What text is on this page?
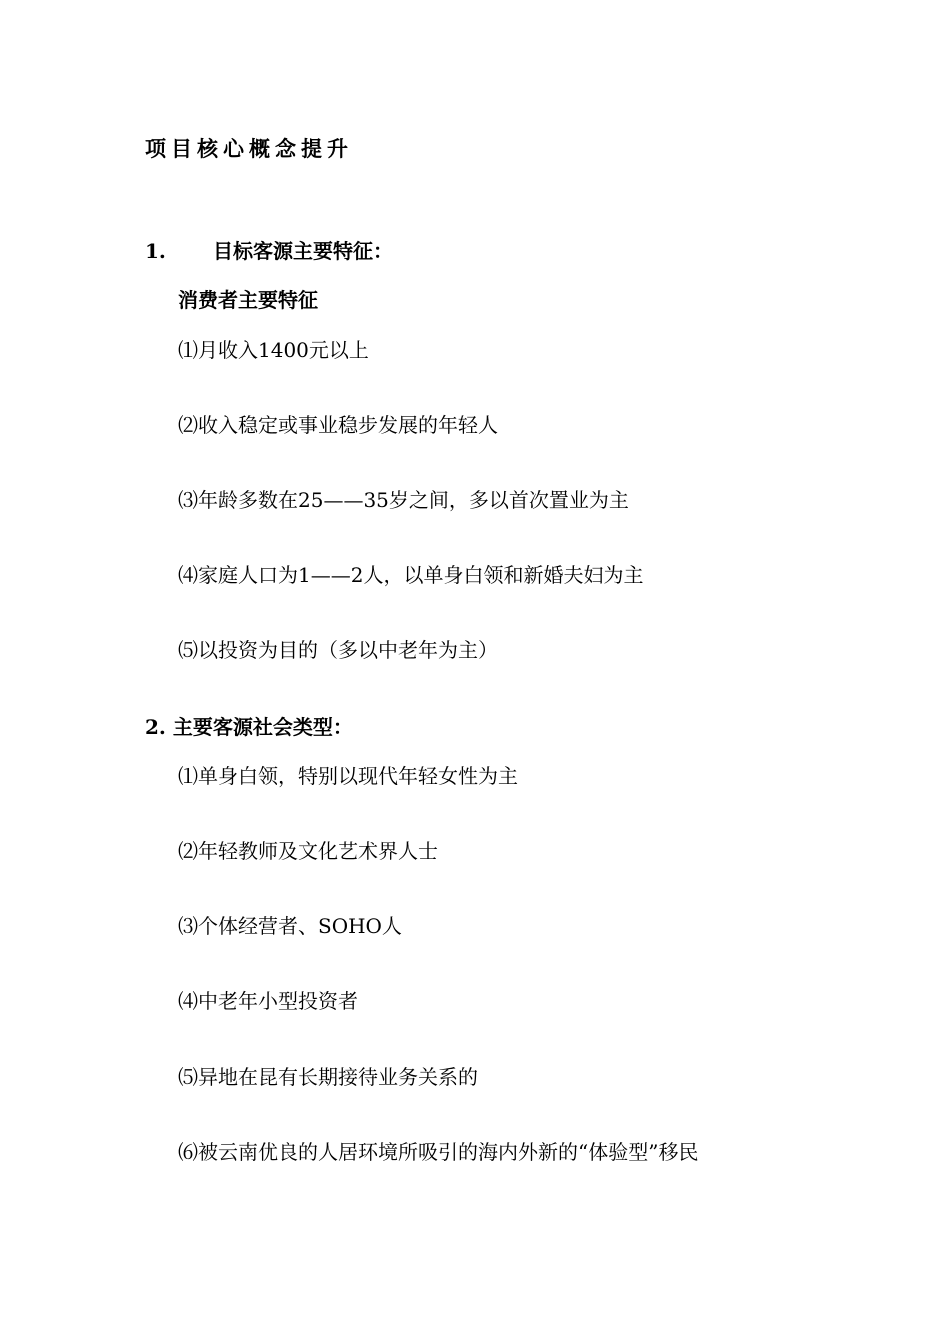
项目核心概念提升
1. 目标客源主要特征：
消费者主要特征
⑴月收入1400元以上
⑵收入稳定或事业稳步发展的年轻人
⑶年龄多数在25——35岁之间，多以首次置业为主
⑷家庭人口为1——2人，以单身白领和新婚夫妇为主
⑸以投资为目的（多以中老年为主）
2. 主要客源社会类型：
⑴单身白领，特别以现代年轻女性为主
⑵年轻教师及文化艺术界人士
⑶个体经营者、SOHO人
⑷中老年小型投资者
⑸异地在昆有长期接待业务关系的
⑹被云南优良的人居环境所吸引的海内外新的“体验型”移民
